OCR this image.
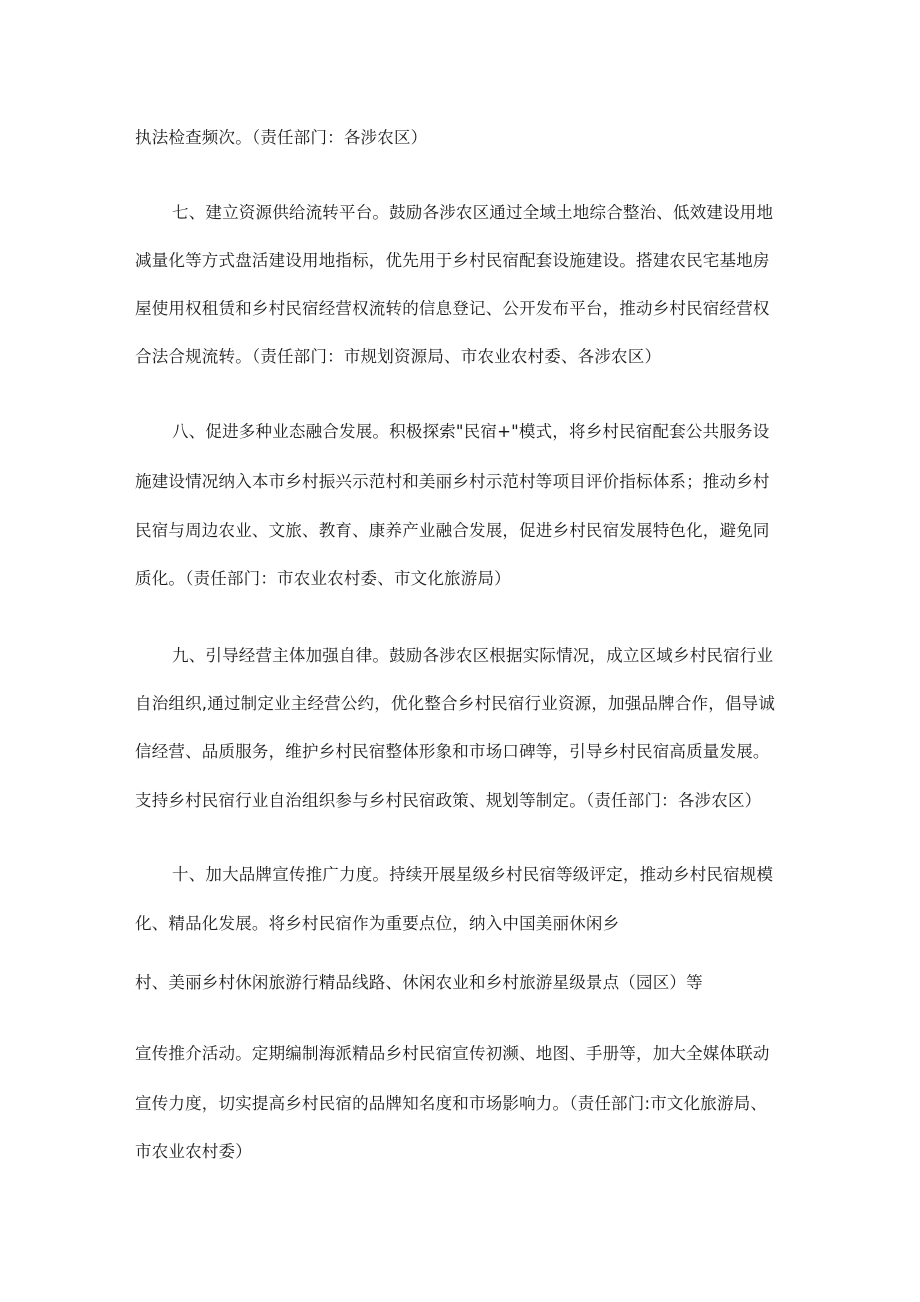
执法检查频次。（责任部门：各涉农区）
七、建立资源供给流转平台。鼓励各涉农区通过全域土地综合整治、低效建设用地
减量化等方式盘活建设用地指标，优先用于乡村民宿配套设施建设。搭建农民宅基地房
屋使用权租赁和乡村民宿经营权流转的信息登记、公开发布平台，推动乡村民宿经营权
合法合规流转。（责任部门：市规划资源局、市农业农村委、各涉农区）
八、促进多种业态融合发展。积极探索"民宿+"模式，将乡村民宿配套公共服务设
施建设情况纳入本市乡村振兴示范村和美丽乡村示范村等项目评价指标体系；推动乡村
民宿与周边农业、文旅、教育、康养产业融合发展，促进乡村民宿发展特色化，避免同
质化。（责任部门：市农业农村委、市文化旅游局）
九、引导经营主体加强自律。鼓励各涉农区根据实际情况，成立区域乡村民宿行业
自治组织,通过制定业主经营公约，优化整合乡村民宿行业资源，加强品牌合作，倡导诚
信经营、品质服务，维护乡村民宿整体形象和市场口碑等，引导乡村民宿高质量发展。
支持乡村民宿行业自治组织参与乡村民宿政策、规划等制定。（责任部门：各涉农区）
十、加大品牌宣传推广力度。持续开展星级乡村民宿等级评定，推动乡村民宿规模
化、精品化发展。将乡村民宿作为重要点位，纳入中国美丽休闲乡
村、美丽乡村休闲旅游行精品线路、休闲农业和乡村旅游星级景点（园区）等
宣传推介活动。定期编制海派精品乡村民宿宣传初濒、地图、手册等，加大全媒体联动
宣传力度，切实提高乡村民宿的品牌知名度和市场影响力。（责任部门:市文化旅游局、
市农业农村委）
